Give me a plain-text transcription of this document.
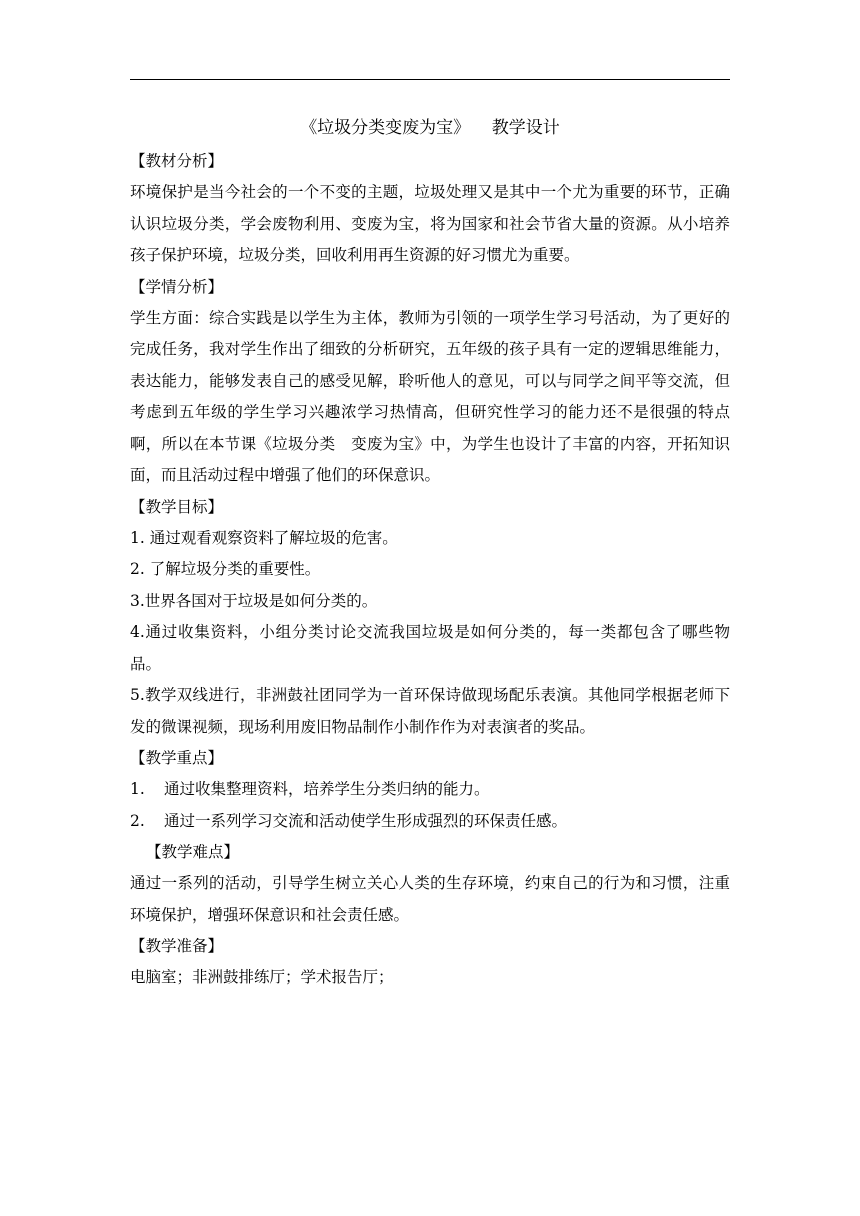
《垃圾分类变废为宝》    教学设计

【教材分析】

环境保护是当今社会的一个不变的主题，垃圾处理又是其中一个尤为重要的环节，正确认识垃圾分类，学会废物利用、变废为宝，将为国家和社会节省大量的资源。从小培养孩子保护环境，垃圾分类，回收利用再生资源的好习惯尤为重要。

【学情分析】

学生方面：综合实践是以学生为主体，教师为引领的一项学生学习号活动，为了更好的完成任务，我对学生作出了细致的分析研究，五年级的孩子具有一定的逻辑思维能力，表达能力，能够发表自己的感受见解，聆听他人的意见，可以与同学之间平等交流，但考虑到五年级的学生学习兴趣浓学习热情高，但研究性学习的能力还不是很强的特点啊，所以在本节课《垃圾分类　变废为宝》中，为学生也设计了丰富的内容，开拓知识面，而且活动过程中增强了他们的环保意识。

【教学目标】

1. 通过观看观察资料了解垃圾的危害。

2. 了解垃圾分类的重要性。

3.世界各国对于垃圾是如何分类的。

4.通过收集资料，小组分类讨论交流我国垃圾是如何分类的，每一类都包含了哪些物品。

5.教学双线进行，非洲鼓社团同学为一首环保诗做现场配乐表演。其他同学根据老师下发的微课视频，现场利用废旧物品制作小制作作为对表演者的奖品。

【教学重点】

1. 通过收集整理资料，培养学生分类归纳的能力。

2. 通过一系列学习交流和活动使学生形成强烈的环保责任感。

【教学难点】

通过一系列的活动，引导学生树立关心人类的生存环境，约束自己的行为和习惯，注重环境保护，增强环保意识和社会责任感。

【教学准备】

电脑室；非洲鼓排练厅；学术报告厅；
